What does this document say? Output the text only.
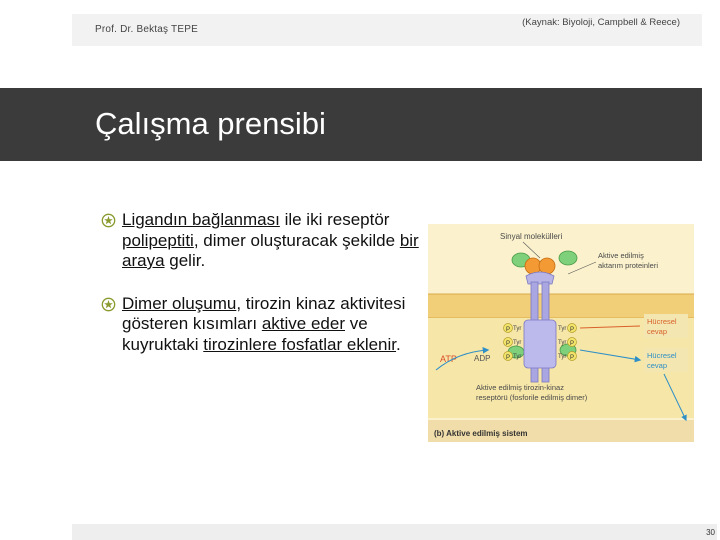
Prof. Dr. Bektaş TEPE
(Kaynak: Biyoloji, Campbell & Reece)
Çalışma prensibi
Ligandın bağlanması ile iki reseptör polipeptiti, dimer oluşturacak şekilde bir araya gelir.
Dimer oluşumu, tirozin kinaz aktivitesi gösteren kısımları aktive eder ve kuyruktaki tirozinlere fosfatlar eklenir.
Sinyal molekülleri
Aktive edilmiş
aktarım proteinleri
Tyr	Tyr
Tyr	Tyr
Tyr	Tyr
P	P
P	P
P	P
ATP ADP
Hücresel
cevap
Hücresel
cevap
Aktive edilmiş tirozin-kinaz
reseptörü (fosforile edilmiş dimer)
(b) Aktive edilmiş sistem
30
